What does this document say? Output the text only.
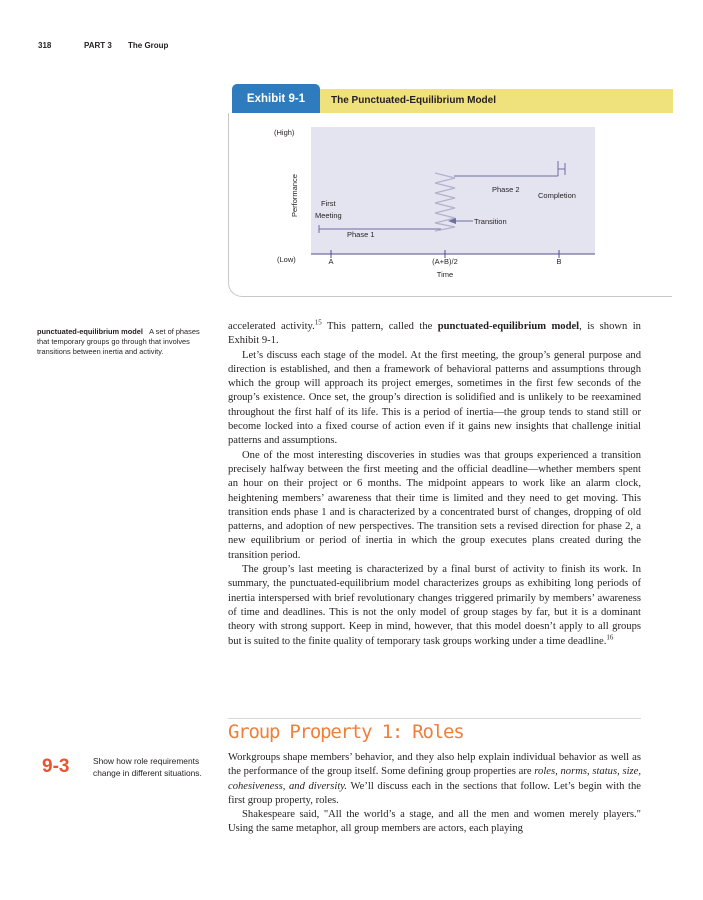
318	PART 3 The Group
Exhibit 9-1	The Punctuated-Equilibrium Model
(High)
(Low)
Performance
A	(A+B)/2	B
Time
First Meeting
Phase 1
Phase 2
Transition
Completion
punctuated-equilibrium model A set of phases that temporary groups go through that involves transitions between inertia and activity.

accelerated activity.$^{15}$ This pattern, called the punctuated-equilibrium model, is shown in Exhibit 9-1.

Let’s discuss each stage of the model. At the first meeting, the group’s general purpose and direction is established, and then a framework of behavioral patterns and assumptions through which the group will approach its project emerges, sometimes in the first few seconds of the group’s existence. Once set, the group’s direction is solidified and is unlikely to be reexamined throughout the first half of its life. This is a period of inertia—the group tends to stand still or become locked into a fixed course of action even if it gains new insights that challenge initial patterns and assumptions.

One of the most interesting discoveries in studies was that groups experienced a transition precisely halfway between the first meeting and the official deadline—whether members spent an hour on their project or 6 months. The midpoint appears to work like an alarm clock, heightening members’ awareness that their time is limited and they need to get moving. This transition ends phase 1 and is characterized by a concentrated burst of changes, dropping of old patterns, and adoption of new perspectives. The transition sets a revised direction for phase 2, a new equilibrium or period of inertia in which the group executes plans created during the transition period.

The group’s last meeting is characterized by a final burst of activity to finish its work. In summary, the punctuated-equilibrium model characterizes groups as exhibiting long periods of inertia interspersed with brief revolutionary changes triggered primarily by members’ awareness of time and deadlines. This is not the only model of group stages by far, but it is a dominant theory with strong support. Keep in mind, however, that this model doesn’t apply to all groups but is suited to the finite quality of temporary task groups working under a time deadline.$^{16}$

Group Property 1: Roles
9-3	Show how role requirements change in different situations.

Workgroups shape members’ behavior, and they also help explain individual behavior as well as the performance of the group itself. Some defining group properties are roles, norms, status, size, cohesiveness, and diversity. We’ll discuss each in the sections that follow. Let’s begin with the first group property, roles.

Shakespeare said, "All the world’s a stage, and all the men and women merely players." Using the same metaphor, all group members are actors, each playing
